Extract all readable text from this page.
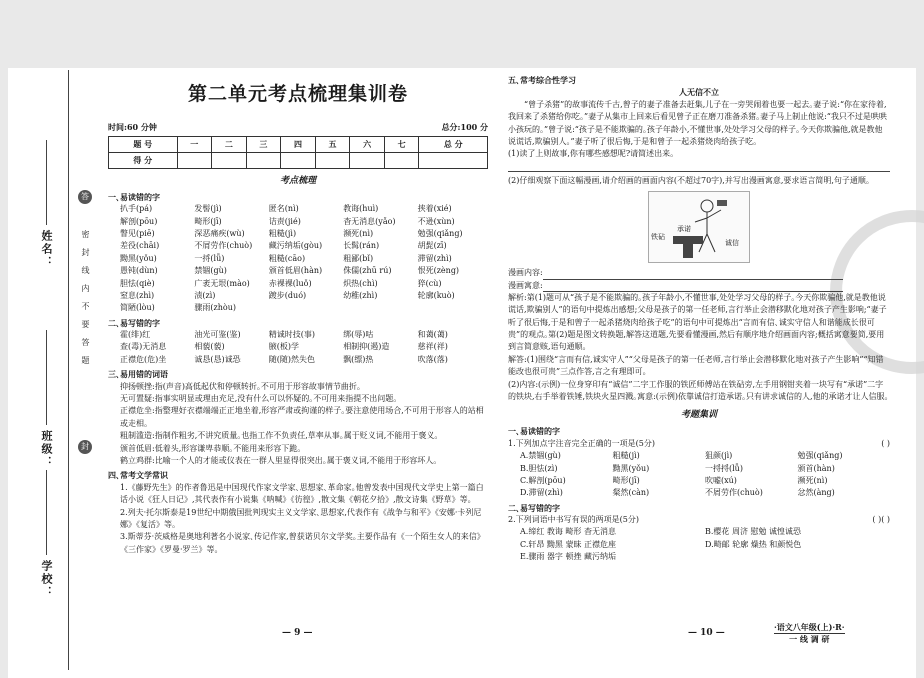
姓名：
班级：
学校：
答
密封线内不要答题
封
第二单元考点梳理集训卷
时间:60 分钟	总分:100 分
题 号	一	二	三	四	五	六	七	总 分
得 分								
考点梳理
一､易读错的字
扒手(pá)	发髻(jì)	匿名(nì)	教诲(huì)	挟着(xié)
解剖(pōu)	畸形(jī)	诘责(jié)	杳无消息(yǎo)	不逊(xùn)
瞥见(piē)	深恶痛疾(wù)	粗糙(jì)	濒死(nì)	勉强(qiǎng)
差役(chāi)	不屑劳作(chuò)	藏污纳垢(gòu)	长髯(rán)	胡髭(zī)
黝黑(yǒu)	一捋(lǚ)	粗糙(cāo)	粗鄙(bǐ)	滞留(zhì)
愚钝(dùn)	禁锢(gù)	颁首低眉(hàn)	侏儒(zhū rú)	恨死(zèng)
胆怯(qiè)	广袤无垠(mào)	赤裸裸(luǒ)	炽热(chì)	猝(cù)
窒息(zhì)	渍(zì)	踱步(duó)	幼稚(zhì)	轮廓(kuò)
简陋(lòu)	骤雨(zhòu)
二､易写错的字
霍(绯)红	油光可鉴(鉴)	精诚时技(事)	绑(辱)咕	和蔼(蔼)
查(毒)无消息	相藐(藐)	腋(板)学	相制抑(遏)造	慈祥(祥)
正襟危(危)坐	诚恳(恳)诚恐	随(随)然失色	飘(缥)热	吹落(落)
三､易用错的词语

抑扬顿挫:指(声音)高低起伏和停顿转折｡不可用于形容故事情节曲折｡

无可置疑:指事实明显或理由充足,没有什么可以怀疑的｡不可用来指提不出问题｡

正襟危坐:指整理好衣襟端端正正地坐着,形容严肃或拘谨的样子｡要注意使用场合,不可用于形容人的站相或走相｡

粗制滥造:指制作粗劣,不讲究质量｡也指工作不负责任,草率从事｡属于贬义词,不能用于褒义｡

颁首低眉:低着头,形容谦卑恭顺｡不能用来形容下跪｡

鹤立鸡群:比喻一个人的才能或仪表在一群人里显得很突出｡属于褒义词,不能用于形容坏人｡

四､常考文学常识

1.《藤野先生》的作者鲁迅是中国现代作家文学家､思想家､革命家｡他曾发表中国现代文学史上第一篇白话小说《狂人日记》,其代表作有小说集《呐喊》《彷徨》,散文集《朝花夕拾》,散文诗集《野草》等｡

2.列夫·托尔斯泰是19世纪中期俄国批判现实主义文学家､思想家,代表作有《战争与和平》《安娜·卡列尼娜》《复活》等｡

3.斯蒂芬·茨威格是奥地利著名小说家､传记作家,曾获诺贝尔文学奖｡主要作品有《一个陌生女人的来信》《三作家》《罗曼·罗兰》等｡

— 9 —
五､常考综合性学习
人无信不立

“曾子杀猪”的故事流传千古,曾子的妻子准备去赶集,儿子在一旁哭闹着也要一起去｡妻子说:“你在家待着,我回来了杀猪给你吃｡”妻子从集市上回来后看见曾子正在磨刀准备杀猪｡妻子马上制止他说:“我只不过是哄哄小孩玩的｡”曾子说:“孩子是不能欺骗的｡孩子年龄小,不懂世事,处处学习父母的样子｡今天你欺骗他,就是教他说谎话,欺骗别人｡”妻子听了很后悔,于是和曾子一起杀猪烧肉给孩子吃｡

(1)读了上则故事,你有哪些感想呢?请简述出来｡

(2)仔细观察下面这幅漫画,请介绍画的画面内容(不超过70字),并写出漫画寓意,要求语言简明,句子通顺｡

铁砧
承诺
诚信

漫画内容:

漫画寓意:

解析:第(1)题可从“孩子是不能欺骗的｡孩子年龄小,不懂世事,处处学习父母的样子｡今天你欺骗他,就是教他说谎话,欺骗别人”的语句中提炼出感想;父母是孩子的第一任老师,言行举止会潜移默化地对孩子产生影响;“妻子听了很后悔,于是和曾子一起杀猪烧肉给孩子吃”的语句中可提炼出“言而有信､诚实守信人和谐能成长很可贵”的观点｡第(2)题是图文转换题,解答这道题,先要看懂漫画,然后有顺序地介绍画面内容;概括寓意要简,要用到言简意赅,语句通顺｡

解答:(1)围绕“言而有信,诚实守人”“父母是孩子的第一任老师,言行举止会潜移默化地对孩子产生影响”“知错能改也很可贵”三点作答,言之有理即可｡

(2)内容:(示例)一位身穿印有“诚信”二字工作服的铁匠师傅站在铁砧旁,左手用钢钳夹着一块写有“承诺”二字的铁块,右手举着铁锤,铁块火星四溅｡寓意:(示例)依靠诚信打造承诺｡只有讲求诚信的人,他的承诺才让人信服｡

考题集训
一､易读错的字
1.下列加点字注音完全正确的一项是(5分)	( )
A.禁锢(gù)	粗糙(jì)	狙颜(jì)	勉强(qiǎng)
B.胆怯(zì)	黝黑(yǒu)	一捋捋(lǚ)	颁首(hàn)
C.解剖(pōu)	畸形(jī)	吹嘘(xú)	濒死(nì)
D.滞留(zhì)	粲然(càn)	不屑劳作(chuò)	忿然(àng)
二､易写错的字
2.下列词语中书写有误的两项是(5分)	( )( )
A.缔红 教诲 畸形 杳无消息	B.樱花 周济 慰勉 诚惶诚恐
C.轩昂 黝黑 蒙昧 正襟危座	D.畸邮 轮廓 燥热 和颜悦色
E.骤雨 器字 顿挫 藏污纳垢
— 10 —
·语文八年级(上)·R·
一 线 调 研
